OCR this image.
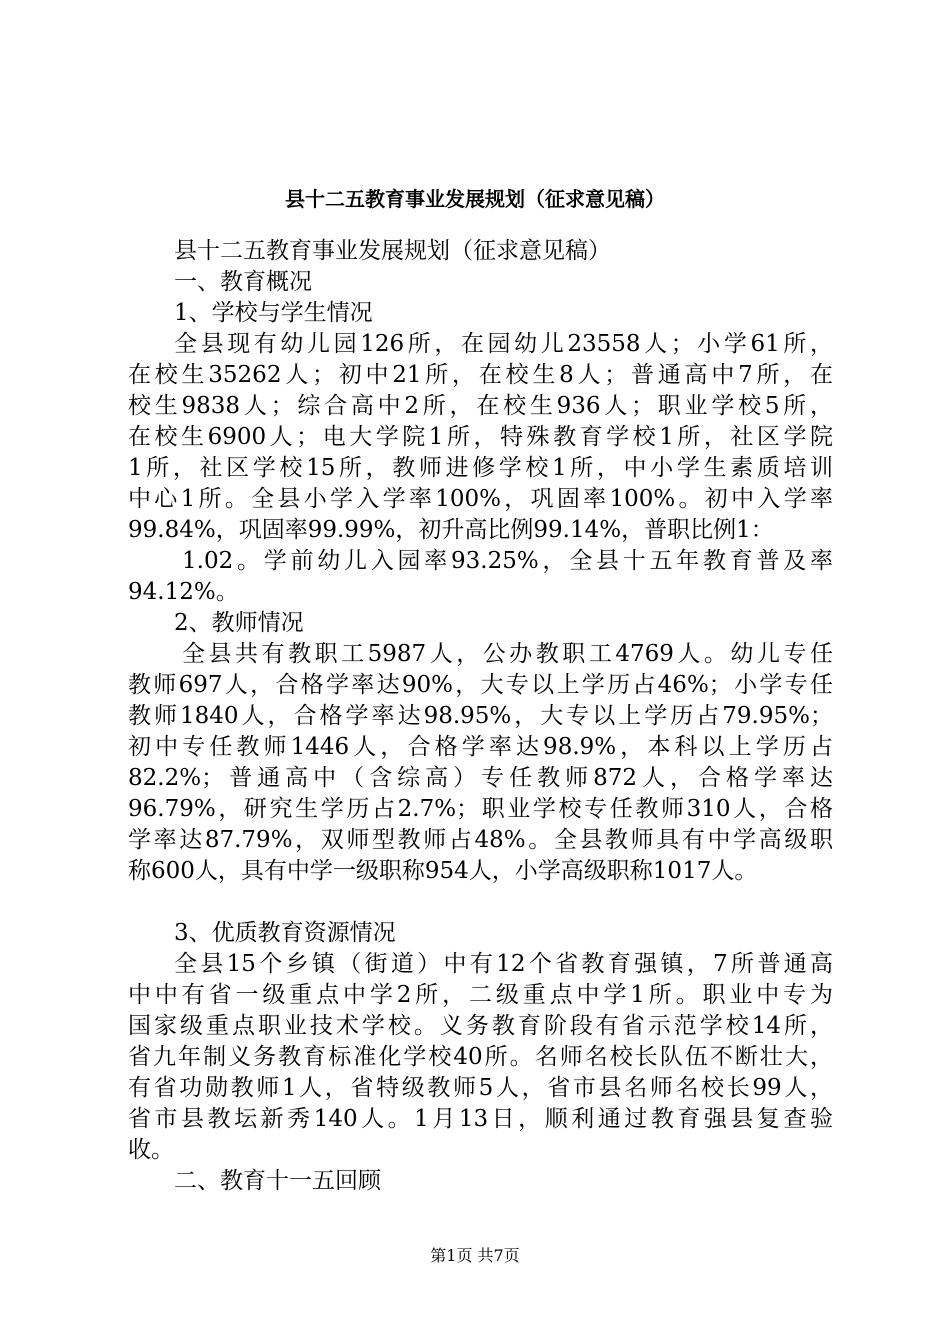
县十二五教育事业发展规划（征求意见稿）
县十二五教育事业发展规划（征求意见稿）
一、教育概况
1、学校与学生情况
全县现有幼儿园126所，在园幼儿23558人；小学61所，
在校生35262人；初中21所，在校生8人；普通高中7所，在
校生9838人；综合高中2所，在校生936人；职业学校5所，
在校生6900人；电大学院1所，特殊教育学校1所，社区学院
1所，社区学校15所，教师进修学校1所，中小学生素质培训
中心1所。全县小学入学率100%，巩固率100%。初中入学率
99.84%，巩固率99.99%，初升高比例99.14%，普职比例1：
1.02。学前幼儿入园率93.25%，全县十五年教育普及率
94.12%。
2、教师情况
全县共有教职工5987人，公办教职工4769人。幼儿专任
教师697人，合格学率达90%，大专以上学历占46%；小学专任
教师1840人，合格学率达98.95%，大专以上学历占79.95%；
初中专任教师1446人，合格学率达98.9%，本科以上学历占
82.2%；普通高中（含综高）专任教师872人，合格学率达
96.79%，研究生学历占2.7%；职业学校专任教师310人，合格
学率达87.79%，双师型教师占48%。全县教师具有中学高级职
称600人，具有中学一级职称954人，小学高级职称1017人。
3、优质教育资源情况
全县15个乡镇（街道）中有12个省教育强镇，7所普通高
中中有省一级重点中学2所，二级重点中学1所。职业中专为
国家级重点职业技术学校。义务教育阶段有省示范学校14所，
省九年制义务教育标准化学校40所。名师名校长队伍不断壮大，
有省功勋教师1人，省特级教师5人，省市县名师名校长99人，
省市县教坛新秀140人。1月13日，顺利通过教育强县复查验
收。
二、教育十一五回顾
第1页 共7页
